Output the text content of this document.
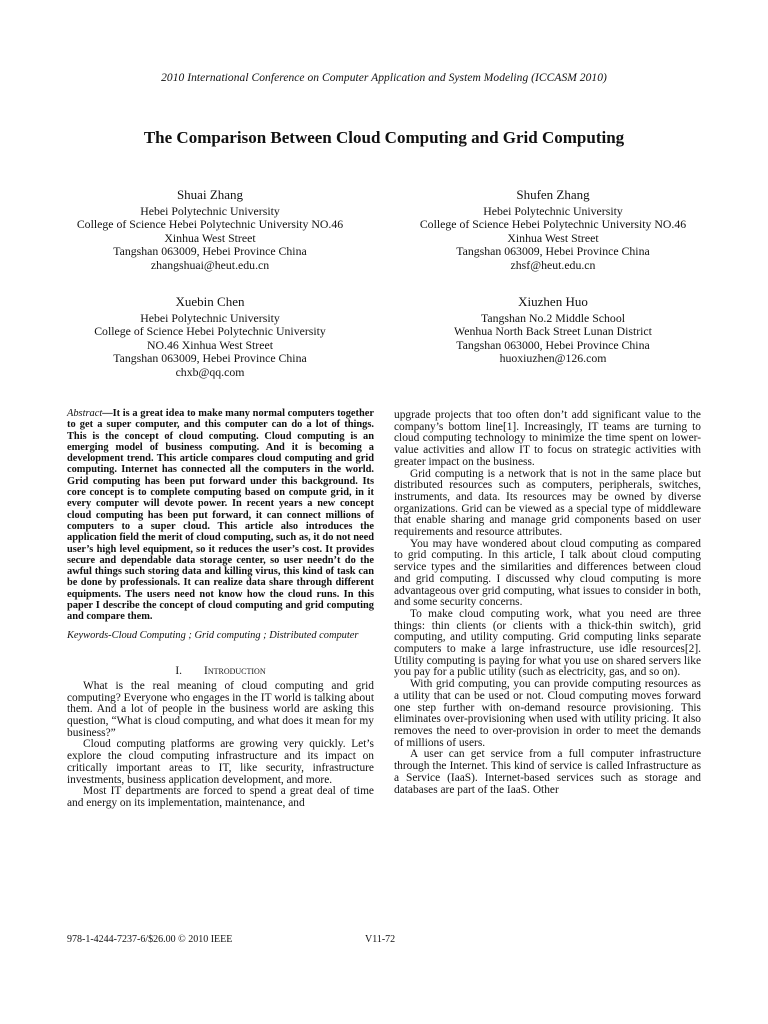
2010 International Conference on Computer Application and System Modeling (ICCASM 2010)
The Comparison Between Cloud Computing and Grid Computing
Shuai Zhang
Hebei Polytechnic University
College of Science Hebei Polytechnic University NO.46
Xinhua West Street
Tangshan 063009, Hebei Province China
zhangshuai@heut.edu.cn
Shufen Zhang
Hebei Polytechnic University
College of Science Hebei Polytechnic University NO.46
Xinhua West Street
Tangshan 063009, Hebei Province China
zhsf@heut.edu.cn
Xuebin Chen
Hebei Polytechnic University
College of Science Hebei Polytechnic University
NO.46 Xinhua West Street
Tangshan 063009, Hebei Province China
chxb@qq.com
Xiuzhen Huo
Tangshan No.2 Middle School
Wenhua North Back Street Lunan District
Tangshan 063000, Hebei Province China
huoxiuzhen@126.com

Abstract—It is a great idea to make many normal computers together to get a super computer, and this computer can do a lot of things. This is the concept of cloud computing. Cloud computing is an emerging model of business computing. And it is becoming a development trend. This article compares cloud computing and grid computing. Internet has connected all the computers in the world. Grid computing has been put forward under this background. Its core concept is to complete computing based on compute grid, in it every computer will devote power. In recent years a new concept cloud computing has been put forward, it can connect millions of computers to a super cloud. This article also introduces the application field the merit of cloud computing, such as, it do not need user’s high level equipment, so it reduces the user’s cost. It provides secure and dependable data storage center, so user needn’t do the awful things such storing data and killing virus, this kind of task can be done by professionals. It can realize data share through different equipments. The users need not know how the cloud runs. In this paper I describe the concept of cloud computing and grid computing and compare them.

Keywords-Cloud Computing ; Grid computing ; Distributed computer

I. Introduction

What is the real meaning of cloud computing and grid computing? Everyone who engages in the IT world is talking about them. And a lot of people in the business world are asking this question, “What is cloud computing, and what does it mean for my business?”

Cloud computing platforms are growing very quickly. Let’s explore the cloud computing infrastructure and its impact on critically important areas to IT, like security, infrastructure investments, business application development, and more.

Most IT departments are forced to spend a great deal of time and energy on its implementation, maintenance, and

upgrade projects that too often don’t add significant value to the company’s bottom line[1]. Increasingly, IT teams are turning to cloud computing technology to minimize the time spent on lower-value activities and allow IT to focus on strategic activities with greater impact on the business.

Grid computing is a network that is not in the same place but distributed resources such as computers, peripherals, switches, instruments, and data. Its resources may be owned by diverse organizations. Grid can be viewed as a special type of middleware that enable sharing and manage grid components based on user requirements and resource attributes.

You may have wondered about cloud computing as compared to grid computing. In this article, I talk about cloud computing service types and the similarities and differences between cloud and grid computing. I discussed why cloud computing is more advantageous over grid computing, what issues to consider in both, and some security concerns.

To make cloud computing work, what you need are three things: thin clients (or clients with a thick-thin switch), grid computing, and utility computing. Grid computing links separate computers to make a large infrastructure, use idle resources[2]. Utility computing is paying for what you use on shared servers like you pay for a public utility (such as electricity, gas, and so on).

With grid computing, you can provide computing resources as a utility that can be used or not. Cloud computing moves forward one step further with on-demand resource provisioning. This eliminates over-provisioning when used with utility pricing. It also removes the need to over-provision in order to meet the demands of millions of users.

A user can get service from a full computer infrastructure through the Internet. This kind of service is called Infrastructure as a Service (IaaS). Internet-based services such as storage and databases are part of the IaaS. Other

978-1-4244-7237-6/$26.00 © 2010 IEEE	V11-72
